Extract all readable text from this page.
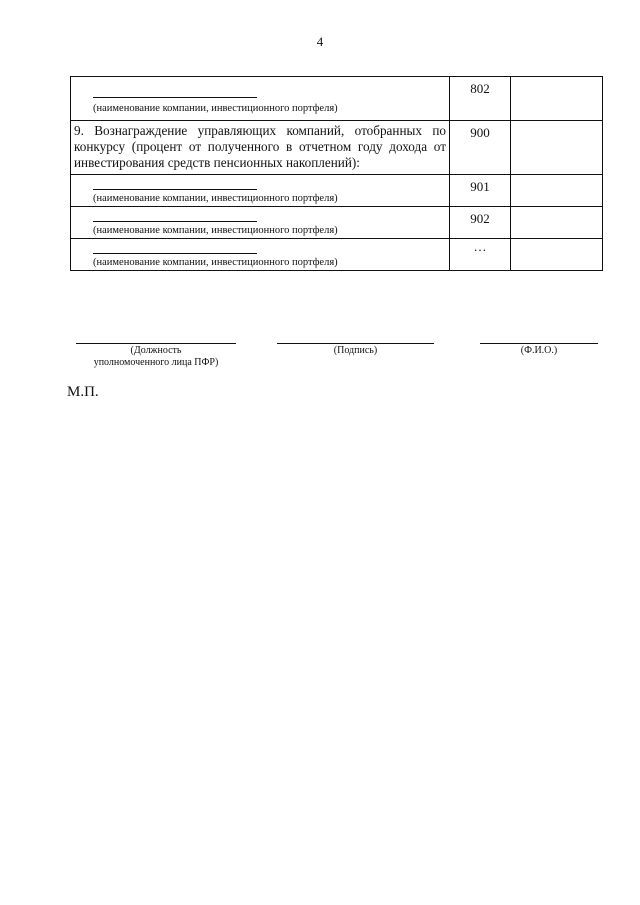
4
(наименование компании, инвестиционного портфеля)	802	

9. Вознаграждение управляющих компаний, отобранных по конкурсу (процент от полученного в отчетном году дохода от инвестирования средств пенсионных накоплений):	900	

(наименование компании, инвестиционного портфеля)	901	

(наименование компании, инвестиционного портфеля)	902	

(наименование компании, инвестиционного портфеля)	…	

(Должность
уполномоченного лица ПФР)
(Подпись)	(Ф.И.О.)
М.П.
